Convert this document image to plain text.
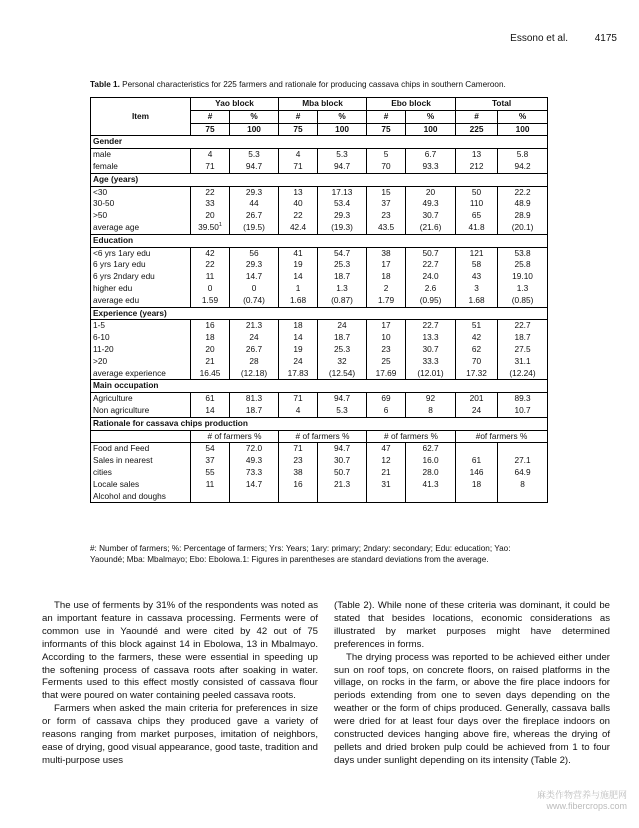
Essono et al.	4175
Table 1. Personal characteristics for 225 farmers and rationale for producing cassava chips in southern Cameroon.
Item	Yao block		Mba block		Ebo block		Total	
	#	%	#	%	#	%	#	%
	75	100	75	100	75	100	225	100
Gender								
male	4	5.3	4	5.3	5	6.7	13	5.8
female	71	94.7	71	94.7	70	93.3	212	94.2
Age (years)								
<30	22	29.3	13	17.13	15	20	50	22.2
30-50	33	44	40	53.4	37	49.3	110	48.9
>50	20	26.7	22	29.3	23	30.7	65	28.9
average age	39.50$^1$	(19.5)	42.4	(19.3)	43.5	(21.6)	41.8	(20.1)
Education								
<6 yrs 1ary edu	42	56	41	54.7	38	50.7	121	53.8
6 yrs 1ary edu	22	29.3	19	25.3	17	22.7	58	25.8
6 yrs 2ndary edu	11	14.7	14	18.7	18	24.0	43	19.10
higher edu	0	0	1	1.3	2	2.6	3	1.3
average edu	1.59	(0.74)	1.68	(0.87)	1.79	(0.95)	1.68	(0.85)
Experience (years)								
1-5	16	21.3	18	24	17	22.7	51	22.7
6-10	18	24	14	18.7	10	13.3	42	18.7
11-20	20	26.7	19	25.3	23	30.7	62	27.5
>20	21	28	24	32	25	33.3	70	31.1
average experience	16.45	(12.18)	17.83	(12.54)	17.69	(12.01)	17.32	(12.24)
Main occupation								
Agriculture	61	81.3	71	94.7	69	92	201	89.3
Non agriculture	14	18.7	4	5.3	6	8	24	10.7
Rationale for cassava chips production								
	# of farmers %		# of farmers %		# of farmers %		#of farmers %	
Food and Feed	54	72.0	71	94.7	47	62.7		
Sales in nearest	37	49.3	23	30.7	12	16.0	61	27.1
cities	55	73.3	38	50.7	21	28.0	146	64.9
Locale sales	11	14.7	16	21.3	31	41.3	18	8
Alcohol and doughs								
#: Number of farmers; %: Percentage of farmers; Yrs: Years; 1ary: primary; 2ndary: secondary; Edu: education; Yao: Yaoundé; Mba: Mbalmayo; Ebo: Ebolowa.1: Figures in parentheses are standard deviations from the average.

The use of ferments by 31% of the respondents was noted as an important feature in cassava processing. Ferments were of common use in Yaoundé and were cited by 42 out of 75 informants of this block against 14 in Ebolowa, 13 in Mbalmayo. According to the farmers, these were essential in speeding up the softening process of cassava roots after soaking in water. Ferments used to this effect mostly consisted of cassava flour that were poured on water containing peeled cassava roots.

Farmers when asked the main criteria for preferences in size or form of cassava chips they produced gave a variety of reasons ranging from market purposes, imitation of neighbors, ease of drying, good visual appearance, good taste, tradition and multi-purpose uses

(Table 2). While none of these criteria was dominant, it could be stated that besides locations, economic considerations as illustrated by market purposes might have determined preferences in forms.

The drying process was reported to be achieved either under sun on roof tops, on concrete floors, on raised platforms in the village, on rocks in the farm, or above the fire place indoors for periods extending from one to seven days depending on the weather or the form of chips produced. Generally, cassava balls were dried for at least four days over the fireplace indoors on constructed devices hanging above fire, whereas the drying of pellets and dried broken pulp could be achieved from 1 to four days under sunlight depending on its intensity (Table 2).

麻类作物营养与施肥网
www.fibercrops.com
